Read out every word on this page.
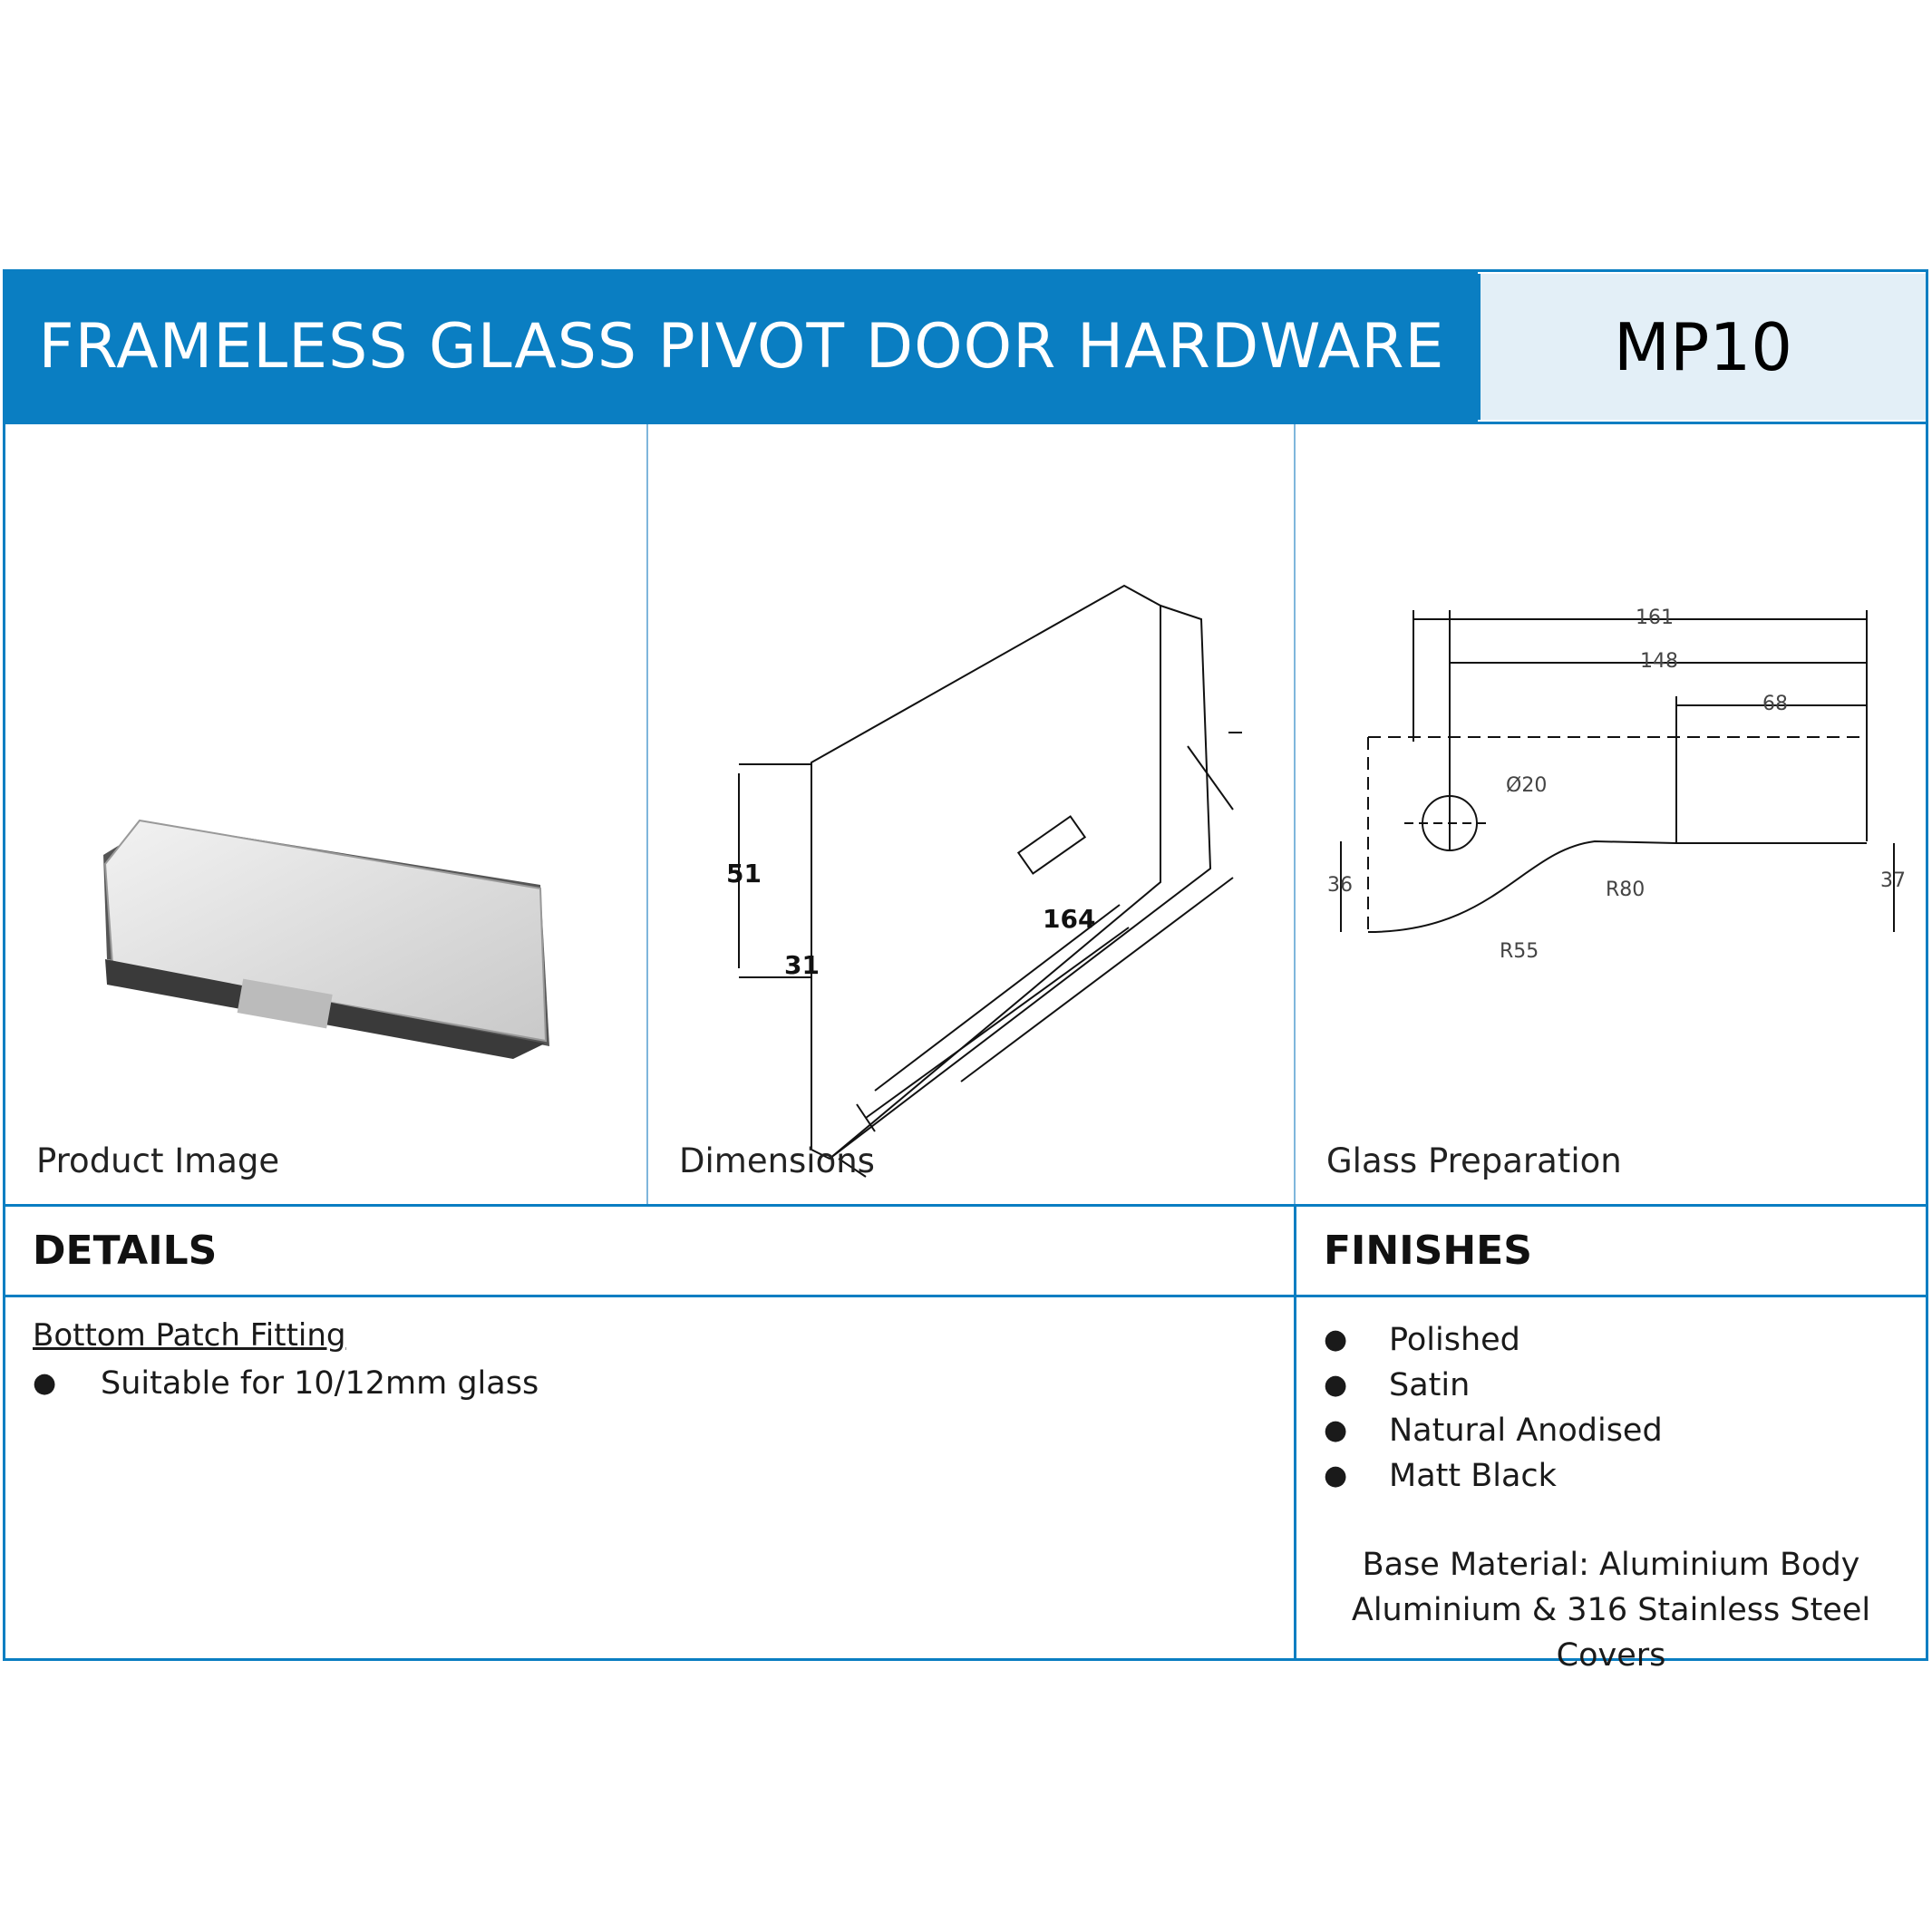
FRAMELESS GLASS PIVOT DOOR HARDWARE	MP10
Product Image
51
31
164
Dimensions
161
148
68
Ø20
36	37
R80
R55
Glass Preparation
DETAILS	FINISHES
Bottom Patch Fitting
●	Suitable for 10/12mm glass
●	Polished
●	Satin
●	Natural Anodised
●	Matt Black
Base Material: Aluminium Body
Aluminium & 316 Stainless Steel Covers
